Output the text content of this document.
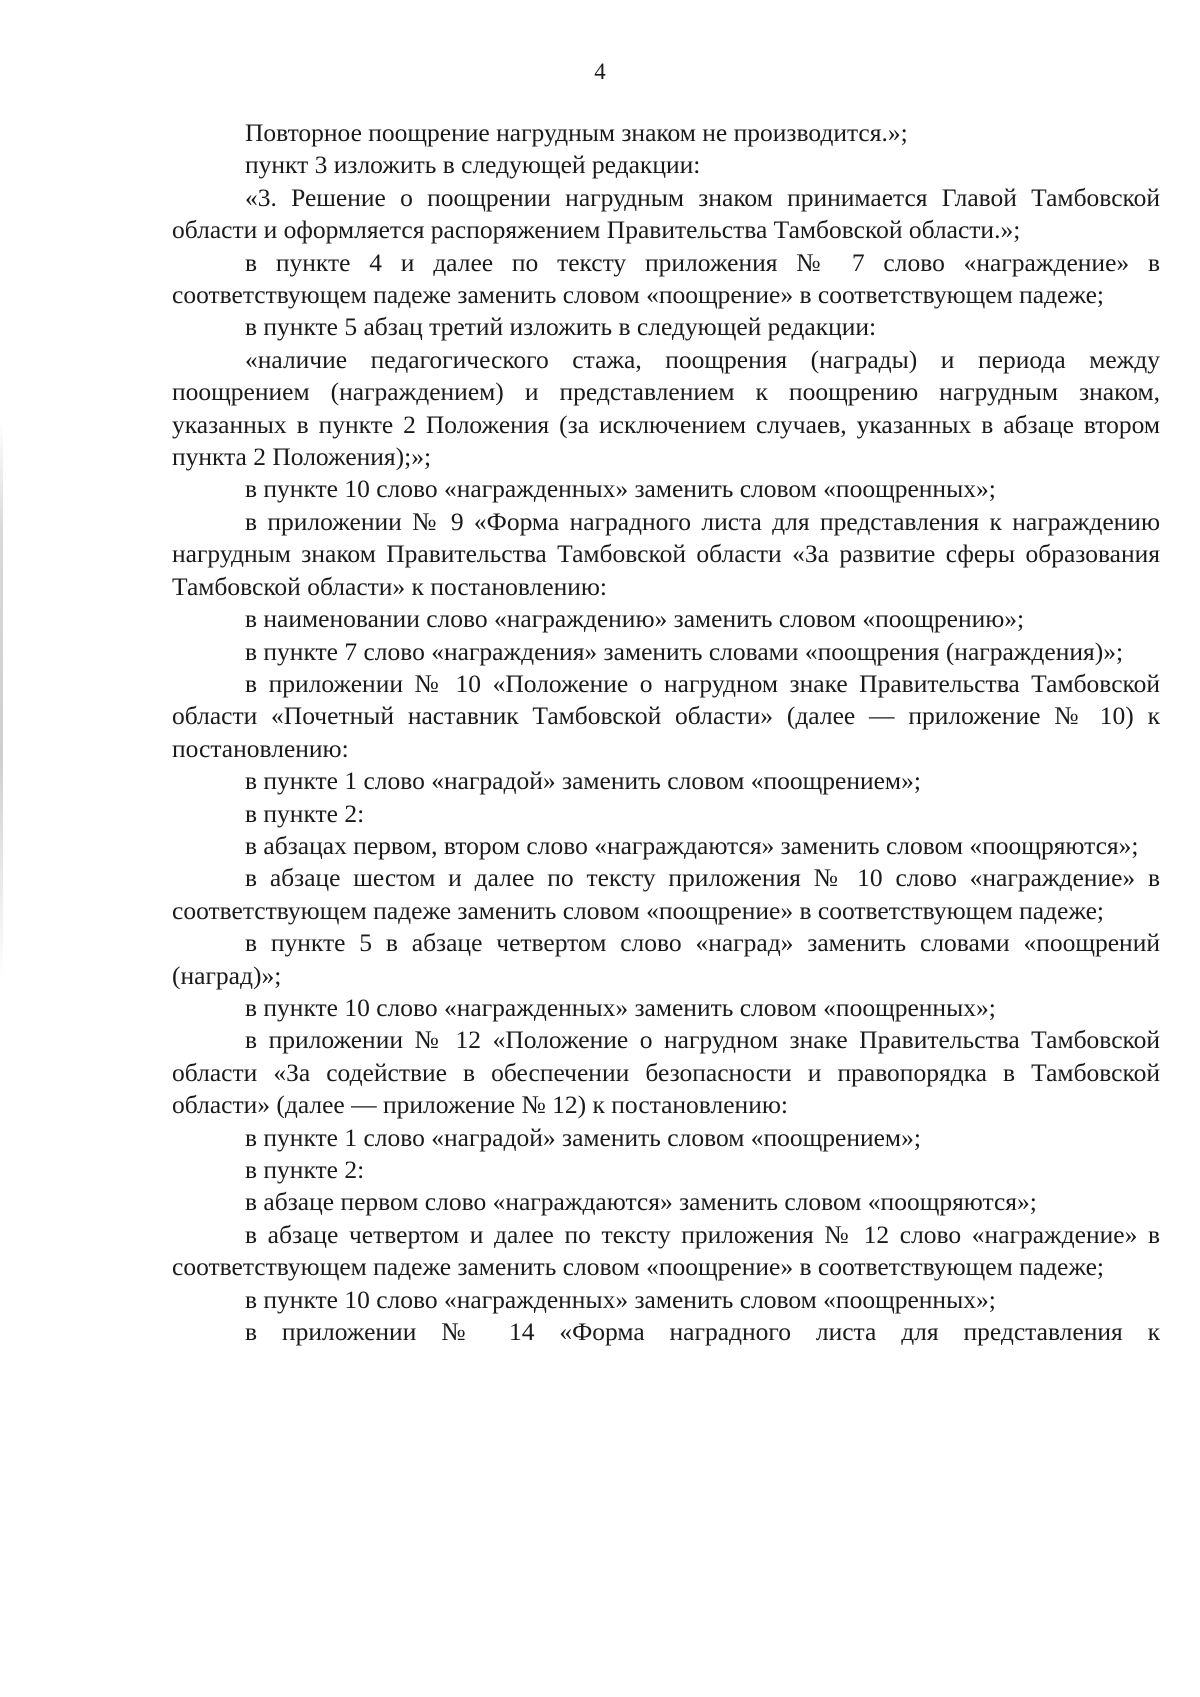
4

Повторное поощрение нагрудным знаком не производится.»;

пункт 3 изложить в следующей редакции:

«3. Решение о поощрении нагрудным знаком принимается Главой Тамбовской области и оформляется распоряжением Правительства Тамбовской области.»;

в пункте 4 и далее по тексту приложения № 7 слово «награждение» в соответствующем падеже заменить словом «поощрение» в соответствующем падеже;

в пункте 5 абзац третий изложить в следующей редакции:

«наличие педагогического стажа, поощрения (награды) и периода между поощрением (награждением) и представлением к поощрению нагрудным знаком, указанных в пункте 2 Положения (за исключением случаев, указанных в абзаце втором пункта 2 Положения);»;

в пункте 10 слово «награжденных» заменить словом «поощренных»;

в приложении № 9 «Форма наградного листа для представления к награждению нагрудным знаком Правительства Тамбовской области «За развитие сферы образования Тамбовской области» к постановлению:

в наименовании слово «награждению» заменить словом «поощрению»;

в пункте 7 слово «награждения» заменить словами «поощрения (награждения)»;

в приложении № 10 «Положение о нагрудном знаке Правительства Тамбовской области «Почетный наставник Тамбовской области» (далее — приложение № 10) к постановлению:

в пункте 1 слово «наградой» заменить словом «поощрением»;

в пункте 2:

в абзацах первом, втором слово «награждаются» заменить словом «поощряются»;

в абзаце шестом и далее по тексту приложения № 10 слово «награждение» в соответствующем падеже заменить словом «поощрение» в соответствующем падеже;

в пункте 5 в абзаце четвертом слово «наград» заменить словами «поощрений (наград)»;

в пункте 10 слово «награжденных» заменить словом «поощренных»;

в приложении № 12 «Положение о нагрудном знаке Правительства Тамбовской области «За содействие в обеспечении безопасности и правопорядка в Тамбовской области» (далее — приложение № 12) к постановлению:

в пункте 1 слово «наградой» заменить словом «поощрением»;

в пункте 2:

в абзаце первом слово «награждаются» заменить словом «поощряются»;

в абзаце четвертом и далее по тексту приложения № 12 слово «награждение» в соответствующем падеже заменить словом «поощрение» в соответствующем падеже;

в пункте 10 слово «награжденных» заменить словом «поощренных»;

в приложении № 14 «Форма наградного листа для представления к
